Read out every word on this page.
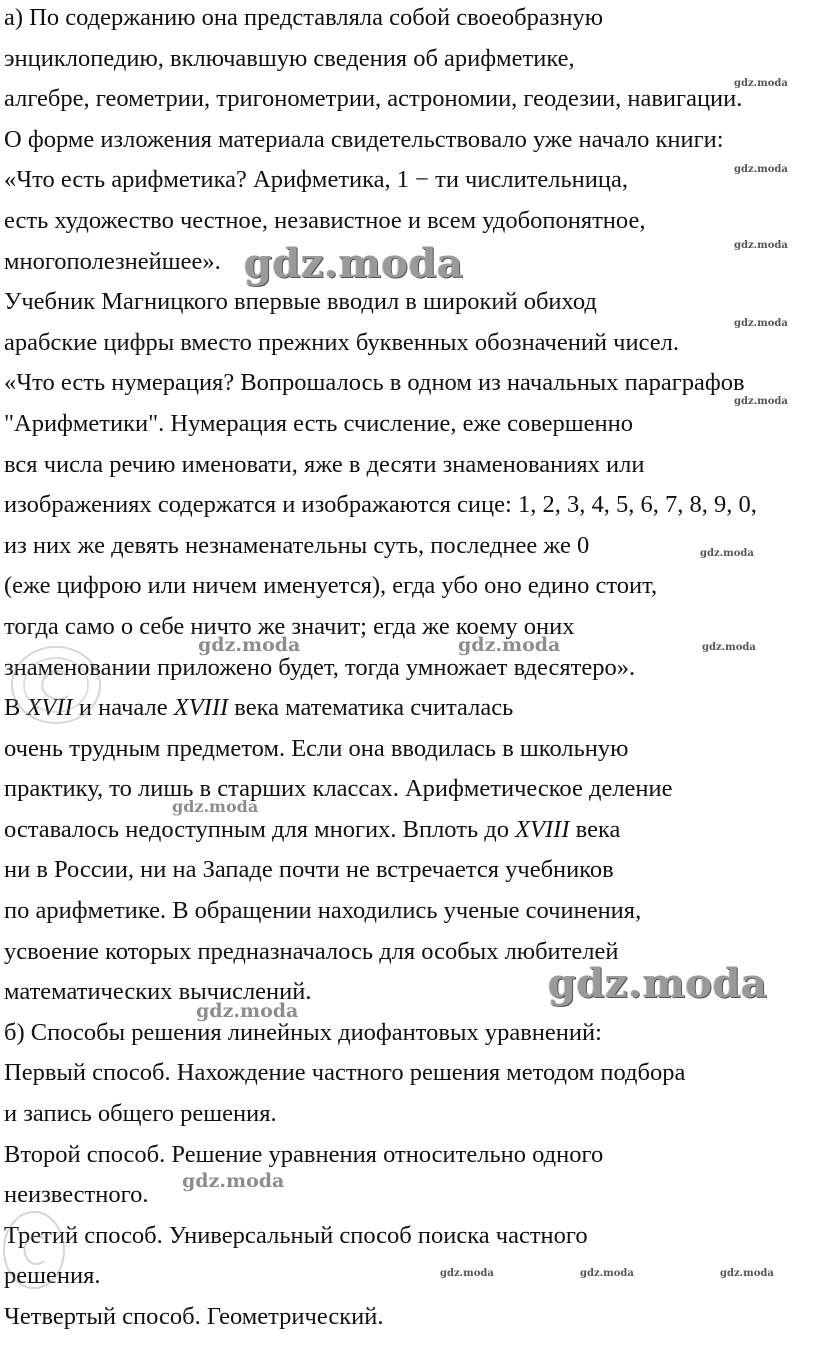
а) По содержанию она представляла собой своеобразную
энциклопедию, включавшую сведения об арифметике,
алгебре, геометрии, тригонометрии, астрономии, геодезии, навигации.
О форме изложения материала свидетельствовало уже начало книги:
«Что есть арифметика? Арифметика, 1 − ти числительница,
есть художество честное, независтное и всем удобопонятное,
многополезнейшее».
Учебник Магницкого впервые вводил в широкий обиход
арабские цифры вместо прежних буквенных обозначений чисел.
«Что есть нумерация? Вопрошалось в одном из начальных параграфов
"Арифметики". Нумерация есть счисление, еже совершенно
вся числа речию именовати, яже в десяти знаменованиях или
изображениях содержатся и изображаются сице: 1, 2, 3, 4, 5, 6, 7, 8, 9, 0,
из них же девять незнаменательны суть, последнее же 0
(еже цифрою или ничем именуется), егда убо оно едино стоит,
тогда само о себе ничто же значит; егда же коему оних
знаменовании приложено будет, тогда умножает вдесятеро».
В XVII и начале XVIII века математика считалась
очень трудным предметом. Если она вводилась в школьную
практику, то лишь в старших классах. Арифметическое деление
оставалось недоступным для многих. Вплоть до XVIII века
ни в России, ни на Западе почти не встречается учебников
по арифметике. В обращении находились ученые сочинения,
усвоение которых предназначалось для особых любителей
математических вычислений.
б) Способы решения линейных диофантовых уравнений:
Первый способ. Нахождение частного решения методом подбора
и запись общего решения.
Второй способ. Решение уравнения относительно одного
неизвестного.
Третий способ. Универсальный способ поиска частного
решения.
Четвертый способ. Геометрический.
gdz.moda
gdz.moda
gdz.moda
gdz.moda
gdz.moda
gdz.moda
gdz.moda
gdz.moda	gdz.moda	gdz.moda
gdz.moda
gdz.moda
gdz.moda
gdz.moda
gdz.moda	gdz.moda	gdz.moda
